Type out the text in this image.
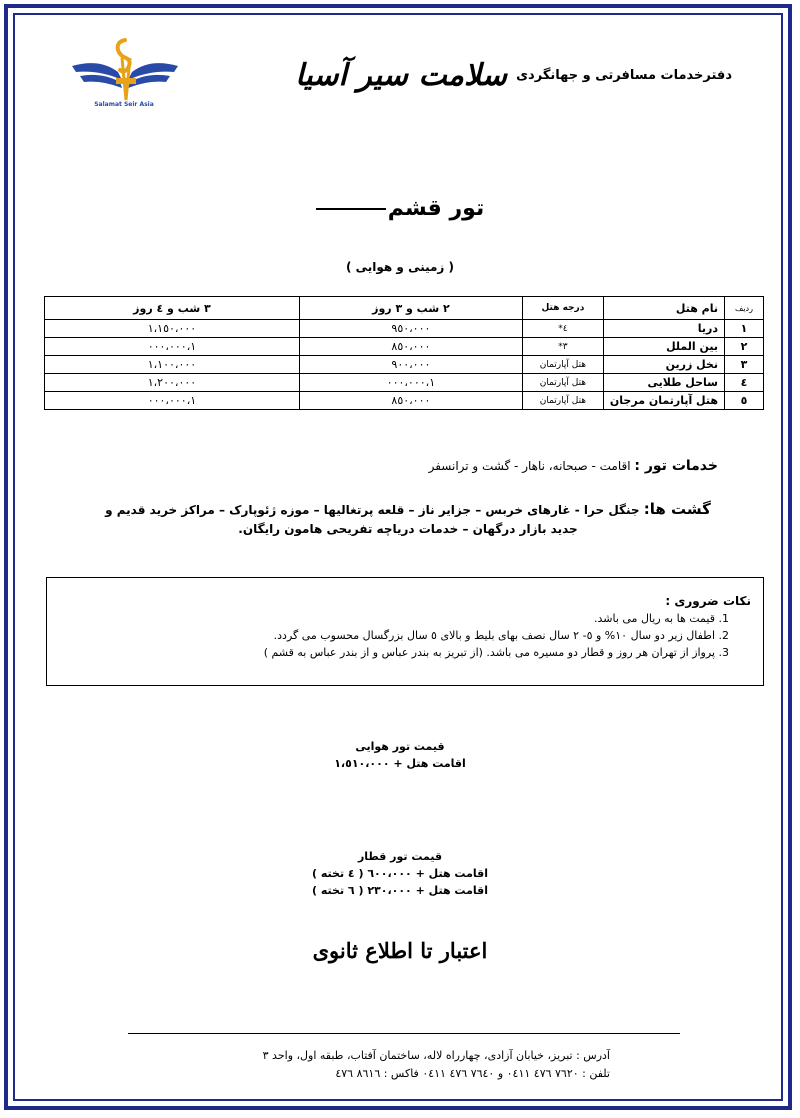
Salamat Seir Asia
دفترخدمات مسافرتی و جهانگردی سلامت سیر آسیا
تور قشم
( زمینی و هوایی )
ردیف	نام هتل	درجه هتل	۲ شب و ۳ روز	۳ شب و ٤ روز
١	دریا	٤*	۹٥۰،۰۰۰	١،١٥۰،۰۰۰
٢	بین الملل	٣*	٨٥۰،۰۰۰	١،۰۰۰،۰۰۰
٣	نخل زرین	هتل آپارتمان	۹۰۰،۰۰۰	١،١۰۰،۰۰۰
٤	ساحل طلایی	هتل آپارتمان	١،۰۰۰،۰۰۰	١،٢۰۰،۰۰۰
٥	هتل آپارتمان مرجان	هتل آپارتمان	٨٥۰،۰۰۰	١،۰۰۰،۰۰۰
خدمات تور : اقامت - صبحانه، ناهار - گشت و ترانسفر
گشت ها: جنگل حرا - غارهای خربس – جزایر ناز – قلعه پرتغالیها – موزه ژئوپارک – مراکز خرید قدیم و جدید بازار درگهان – خدمات دریاچه تفریحی هامون رایگان.
نکات ضروری :
1. قیمت ها به ریال می باشد.
2. اطفال زیر دو سال ١۰% و ٥- ٢ سال نصف بهای بلیط و بالای ٥ سال بزرگسال محسوب می گردد.
3. پرواز از تهران هر روز و قطار دو مسیره می باشد. (از تبریز به بندر عباس و از بندر عباس به قشم )
قیمت تور هوایی
اقامت هتل + ١،٥١۰،۰۰۰
قیمت تور قطار
اقامت هتل + ٦۰۰،۰۰۰ ( ٤ تخته )
اقامت هتل + ٢٣۰،۰۰۰ ( ٦ تخته )
اعتبار تا اطلاع ثانوی
آدرس : تبریز، خیابان آزادی، چهارراه لاله، ساختمان آفتاب، طبقه اول، واحد ٣
تلفن : ٧٦٢۰ ٤٧٦ ۰٤١١ و ٧٦٤۰ ٤٧٦ ۰٤١١ فاکس : ٨٦١٦ ٤٧٦
